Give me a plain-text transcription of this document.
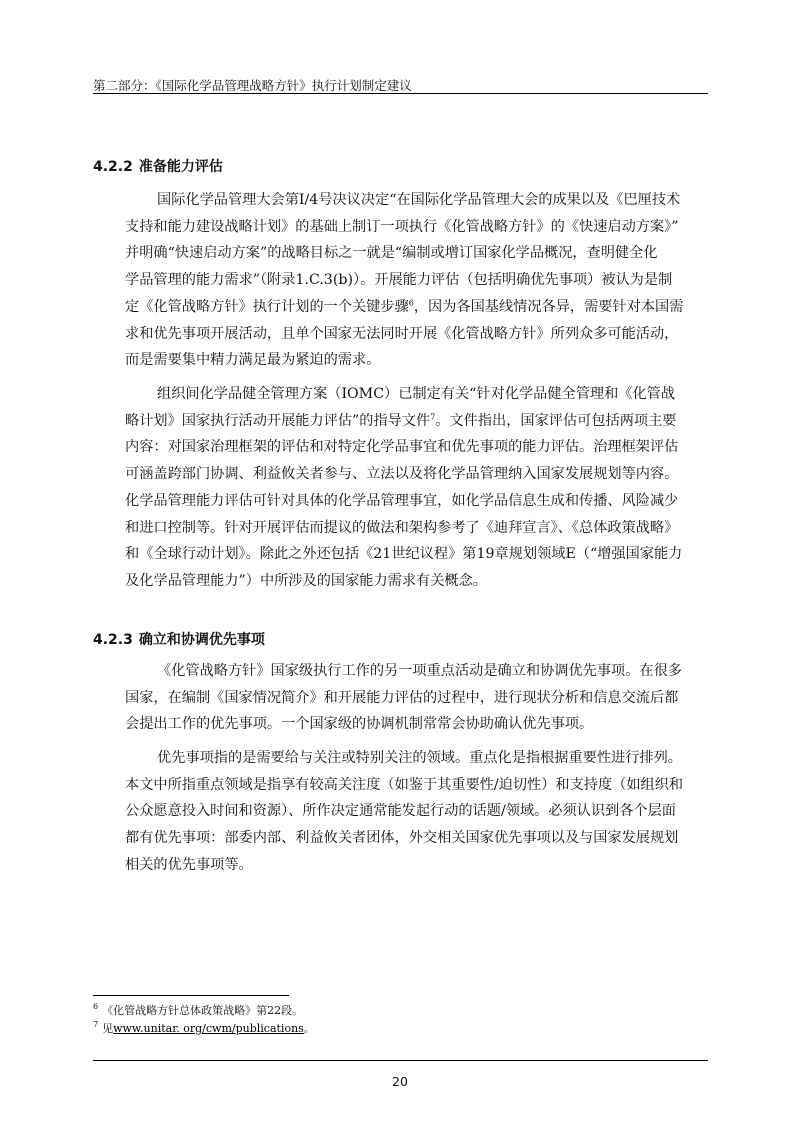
第二部分：《国际化学品管理战略方针》执行计划制定建议
4.2.2 准备能力评估
国际化学品管理大会第I/4号决议决定“在国际化学品管理大会的成果以及《巴厘技术
支持和能力建设战略计划》的基础上制订一项执行《化管战略方针》的《快速启动方案》”
并明确“快速启动方案”的战略目标之一就是“编制或增订国家化学品概况，查明健全化
学品管理的能力需求”（附录1.C.3(b)）。开展能力评估（包括明确优先事项）被认为是制
定《化管战略方针》执行计划的一个关键步骤$^6$，因为各国基线情况各异，需要针对本国需
求和优先事项开展活动，且单个国家无法同时开展《化管战略方针》所列众多可能活动，
而是需要集中精力满足最为紧迫的需求。
组织间化学品健全管理方案（IOMC）已制定有关“针对化学品健全管理和《化管战
略计划》国家执行活动开展能力评估”的指导文件$^7$。文件指出，国家评估可包括两项主要
内容：对国家治理框架的评估和对特定化学品事宜和优先事项的能力评估。治理框架评估
可涵盖跨部门协调、利益攸关者参与、立法以及将化学品管理纳入国家发展规划等内容。
化学品管理能力评估可针对具体的化学品管理事宜，如化学品信息生成和传播、风险减少
和进口控制等。针对开展评估而提议的做法和架构参考了《迪拜宣言》、《总体政策战略》
和《全球行动计划》。除此之外还包括《21世纪议程》第19章规划领域E（“增强国家能力
及化学品管理能力”）中所涉及的国家能力需求有关概念。
4.2.3 确立和协调优先事项
《化管战略方针》国家级执行工作的另一项重点活动是确立和协调优先事项。在很多
国家，在编制《国家情况简介》和开展能力评估的过程中，进行现状分析和信息交流后都
会提出工作的优先事项。一个国家级的协调机制常常会协助确认优先事项。
优先事项指的是需要给与关注或特别关注的领域。重点化是指根据重要性进行排列。
本文中所指重点领域是指享有较高关注度（如鉴于其重要性/迫切性）和支持度（如组织和
公众愿意投入时间和资源）、所作决定通常能发起行动的话题/领域。必须认识到各个层面
都有优先事项：部委内部、利益攸关者团体，外交相关国家优先事项以及与国家发展规划
相关的优先事项等。
$^6$ 《化管战略方针总体政策战略》第22段。
$^7$ 见www.unitar. org/cwm/publications。
20
